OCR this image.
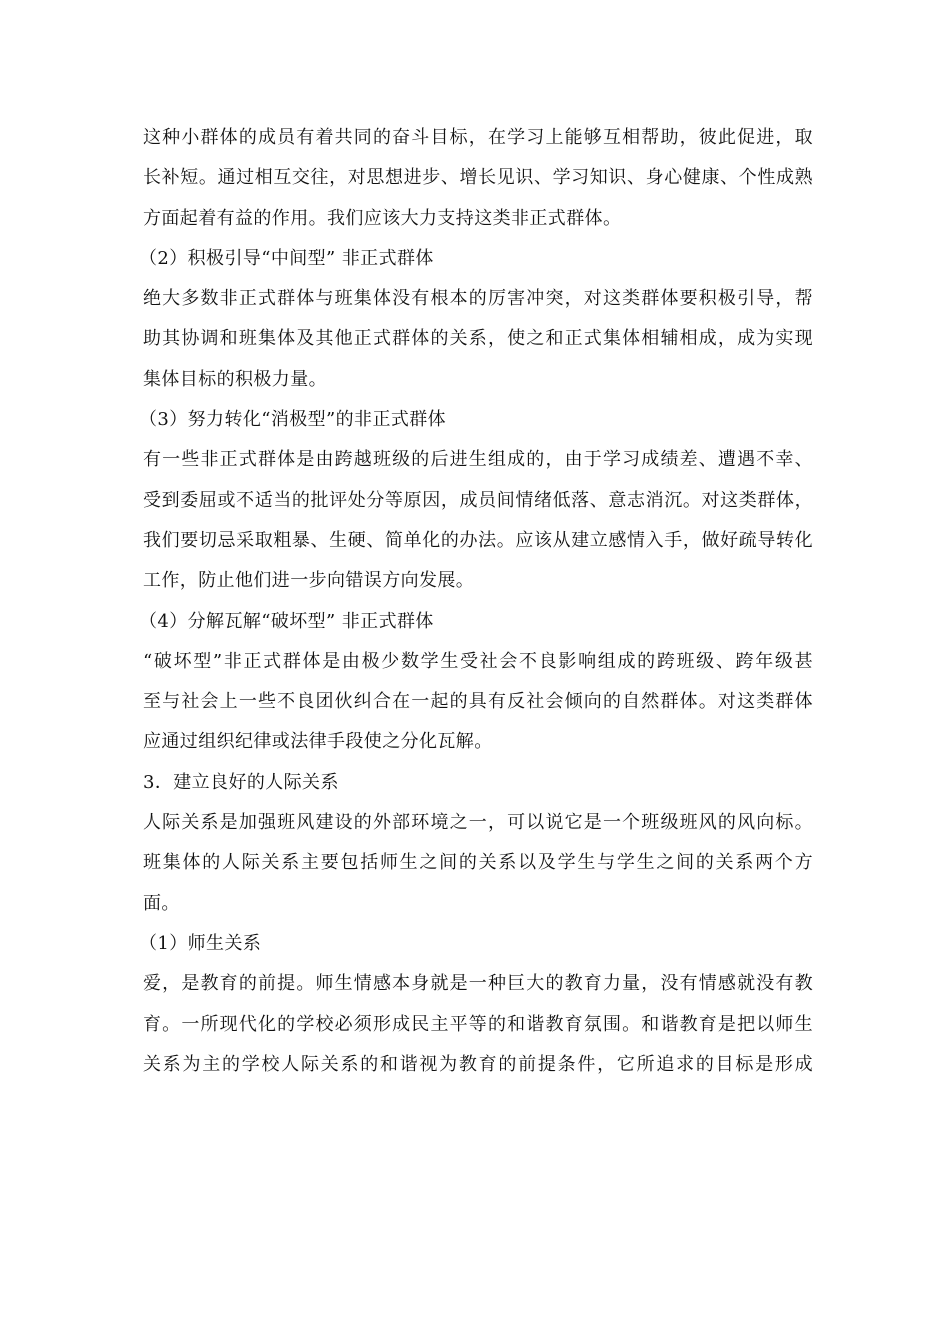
这种小群体的成员有着共同的奋斗目标，在学习上能够互相帮助，彼此促进，取
长补短。通过相互交往，对思想进步、增长见识、学习知识、身心健康、个性成熟
方面起着有益的作用。我们应该大力支持这类非正式群体。
（2）积极引导“中间型” 非正式群体
绝大多数非正式群体与班集体没有根本的厉害冲突，对这类群体要积极引导，帮
助其协调和班集体及其他正式群体的关系，使之和正式集体相辅相成，成为实现
集体目标的积极力量。
（3）努力转化“消极型”的非正式群体
有一些非正式群体是由跨越班级的后进生组成的，由于学习成绩差、遭遇不幸、
受到委屈或不适当的批评处分等原因，成员间情绪低落、意志消沉。对这类群体，
我们要切忌采取粗暴、生硬、简单化的办法。应该从建立感情入手，做好疏导转化
工作，防止他们进一步向错误方向发展。
（4）分解瓦解“破坏型” 非正式群体
“破坏型”非正式群体是由极少数学生受社会不良影响组成的跨班级、跨年级甚
至与社会上一些不良团伙纠合在一起的具有反社会倾向的自然群体。对这类群体
应通过组织纪律或法律手段使之分化瓦解。
3．建立良好的人际关系
人际关系是加强班风建设的外部环境之一，可以说它是一个班级班风的风向标。
班集体的人际关系主要包括师生之间的关系以及学生与学生之间的关系两个方
面。
（1）师生关系
爱，是教育的前提。师生情感本身就是一种巨大的教育力量，没有情感就没有教
育。一所现代化的学校必须形成民主平等的和谐教育氛围。和谐教育是把以师生
关系为主的学校人际关系的和谐视为教育的前提条件，它所追求的目标是形成
